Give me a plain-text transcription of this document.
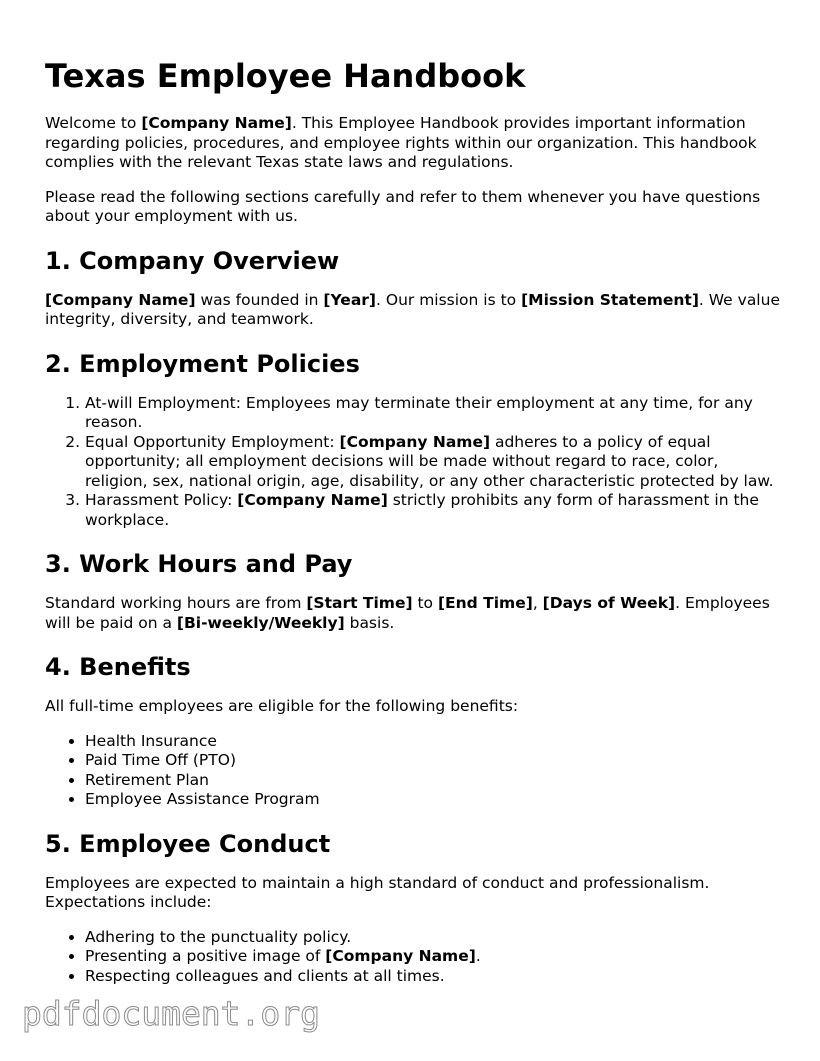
Texas Employee Handbook

Welcome to [Company Name]. This Employee Handbook provides important information regarding policies, procedures, and employee rights within our organization. This handbook complies with the relevant Texas state laws and regulations.

Please read the following sections carefully and refer to them whenever you have questions about your employment with us.

1. Company Overview

[Company Name] was founded in [Year]. Our mission is to [Mission Statement]. We value integrity, diversity, and teamwork.

2. Employment Policies
1. At-will Employment: Employees may terminate their employment at any time, for any reason.
2. Equal Opportunity Employment: [Company Name] adheres to a policy of equal opportunity; all employment decisions will be made without regard to race, color, religion, sex, national origin, age, disability, or any other characteristic protected by law.
3. Harassment Policy: [Company Name] strictly prohibits any form of harassment in the workplace.
3. Work Hours and Pay

Standard working hours are from [Start Time] to [End Time], [Days of Week]. Employees will be paid on a [Bi-weekly/Weekly] basis.

4. Benefits

All full-time employees are eligible for the following benefits:

• Health Insurance
• Paid Time Off (PTO)
• Retirement Plan
• Employee Assistance Program
5. Employee Conduct

Employees are expected to maintain a high standard of conduct and professionalism. Expectations include:

• Adhering to the punctuality policy.
• Presenting a positive image of [Company Name].
• Respecting colleagues and clients at all times.
pdfdocument.org
